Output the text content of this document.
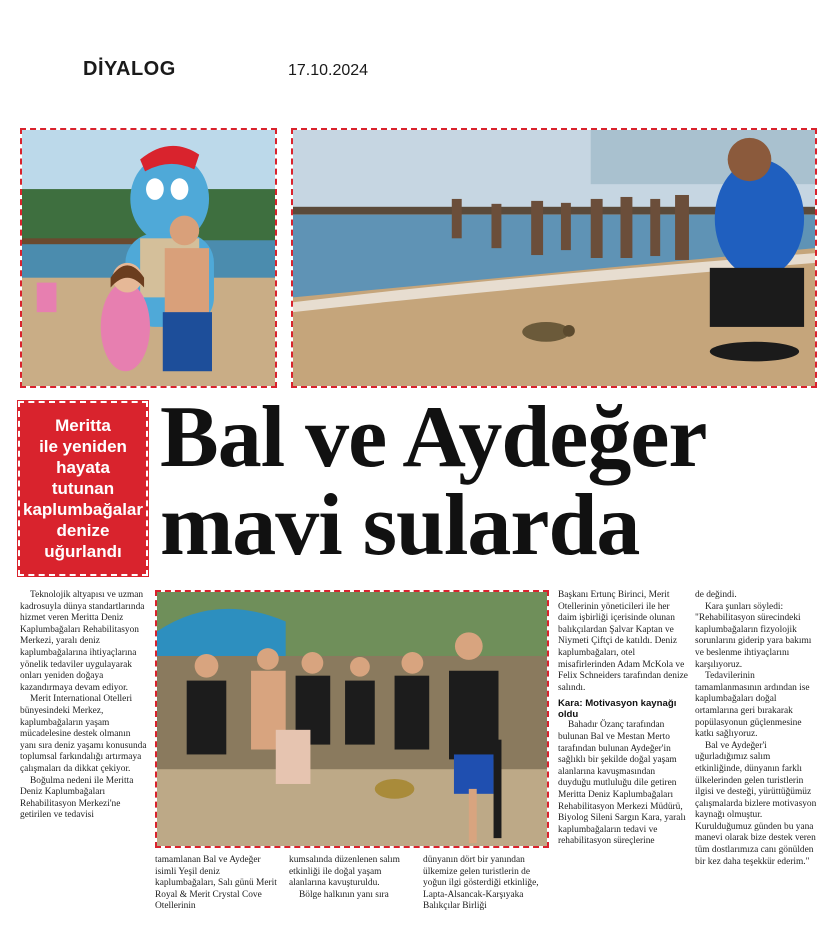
DİYALOG	17.10.2024
Meritta
ile yeniden
hayata tutunan
kaplumbağalar
denize
uğurlandı
Bal ve Aydeğer
mavi sularda

Teknolojik altyapısı ve uzman kadrosuyla dünya standartlarında hizmet veren Meritta Deniz Kaplumbağaları Rehabilitasyon Merkezi, yaralı deniz kaplumbağalarına ihtiyaçlarına yönelik tedaviler uygulayarak onları yeniden doğaya kazandırmaya devam ediyor.

Merit International Otelleri bünyesindeki Merkez, kaplumbağaların yaşam mücadelesine destek olmanın yanı sıra deniz yaşamı konusunda toplumsal farkındalığı artırmaya çalışmaları da dikkat çekiyor.

Boğulma nedeni ile Meritta Deniz Kaplumbağaları Rehabilitasyon Merkezi'ne getirilen ve tedavisi

tamamlanan Bal ve Aydeğer isimli Yeşil deniz kaplumbağaları, Salı günü Merit Royal & Merit Crystal Cove Otellerinin

kumsalında düzenlenen salım etkinliği ile doğal yaşam alanlarına kavuşturuldu.

Bölge halkının yanı sıra

dünyanın dört bir yanından ülkemize gelen turistlerin de yoğun ilgi gösterdiği etkinliğe, Lapta-Alsancak-Karşıyaka Balıkçılar Birliği

Başkanı Ertunç Birinci, Merit Otellerinin yöneticileri ile her daim işbirliği içerisinde olunan balıkçılardan Şalvar Kaptan ve Niymeti Çiftçi de katıldı. Deniz kaplumbağaları, otel misafirlerinden Adam McKola ve Felix Schneiders tarafından denize salındı.

Kara: Motivasyon kaynağı oldu

Bahadır Özanç tarafından bulunan Bal ve Mestan Merto tarafından bulunan Aydeğer'in sağlıklı bir şekilde doğal yaşam alanlarına kavuşmasından duyduğu mutluluğu dile getiren Meritta Deniz Kaplumbağaları Rehabilitasyon Merkezi Müdürü, Biyolog Sileni Sargın Kara, yaralı kaplumbağaların tedavi ve rehabilitasyon süreçlerine

de değindi.

Kara şunları söyledi: "Rehabilitasyon sürecindeki kaplumbağaların fizyolojik sorunlarını giderip yara bakımı ve beslenme ihtiyaçlarını karşılıyoruz.

Tedavilerinin tamamlanmasının ardından ise kaplumbağaları doğal ortamlarına geri bırakarak popülasyonun güçlenmesine katkı sağlıyoruz.

Bal ve Aydeğer'i uğurladığımız salım etkinliğinde, dünyanın farklı ülkelerinden gelen turistlerin ilgisi ve desteği, yürüttüğümüz çalışmalarda bizlere motivasyon kaynağı olmuştur. Kurulduğumuz günden bu yana manevi olarak bize destek veren tüm dostlarımıza canı gönülden bir kez daha teşekkür ederim."
